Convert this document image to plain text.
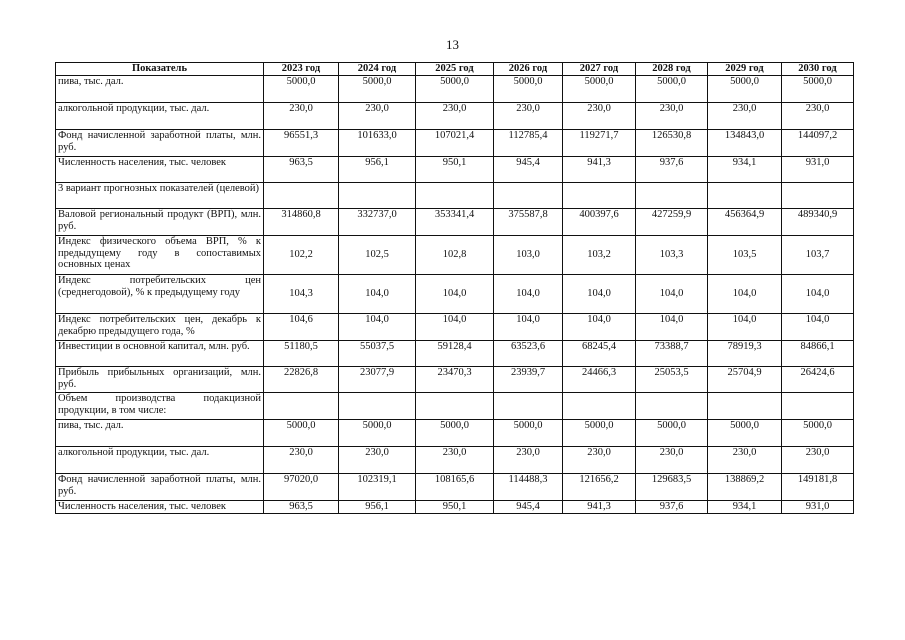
13
Показатель	2023 год	2024 год	2025 год	2026 год	2027 год	2028 год	2029 год	2030 год
пива, тыс. дал.	5000,0	5000,0	5000,0	5000,0	5000,0	5000,0	5000,0	5000,0
алкогольной продукции, тыс. дал.	230,0	230,0	230,0	230,0	230,0	230,0	230,0	230,0
Фонд начисленной заработной платы, млн. руб.	96551,3	101633,0	107021,4	112785,4	119271,7	126530,8	134843,0	144097,2
Численность населения, тыс. человек	963,5	956,1	950,1	945,4	941,3	937,6	934,1	931,0
3 вариант прогнозных показателей (целевой)								
Валовой региональный продукт (ВРП), млн. руб.	314860,8	332737,0	353341,4	375587,8	400397,6	427259,9	456364,9	489340,9
Индекс физического объема ВРП, % к предыдущему году в сопоставимых основных ценах	102,2	102,5	102,8	103,0	103,2	103,3	103,5	103,7
Индекс потребительских цен (среднегодовой), % к предыдущему году	104,3	104,0	104,0	104,0	104,0	104,0	104,0	104,0
Индекс потребительских цен, декабрь к декабрю предыдущего года, %	104,6	104,0	104,0	104,0	104,0	104,0	104,0	104,0
Инвестиции в основной капитал, млн. руб.	51180,5	55037,5	59128,4	63523,6	68245,4	73388,7	78919,3	84866,1
Прибыль прибыльных организаций, млн. руб.	22826,8	23077,9	23470,3	23939,7	24466,3	25053,5	25704,9	26424,6
Объем производства подакцизной продукции, в том числе:								
пива, тыс. дал.	5000,0	5000,0	5000,0	5000,0	5000,0	5000,0	5000,0	5000,0
алкогольной продукции, тыс. дал.	230,0	230,0	230,0	230,0	230,0	230,0	230,0	230,0
Фонд начисленной заработной платы, млн. руб.	97020,0	102319,1	108165,6	114488,3	121656,2	129683,5	138869,2	149181,8
Численность населения, тыс. человек	963,5	956,1	950,1	945,4	941,3	937,6	934,1	931,0
